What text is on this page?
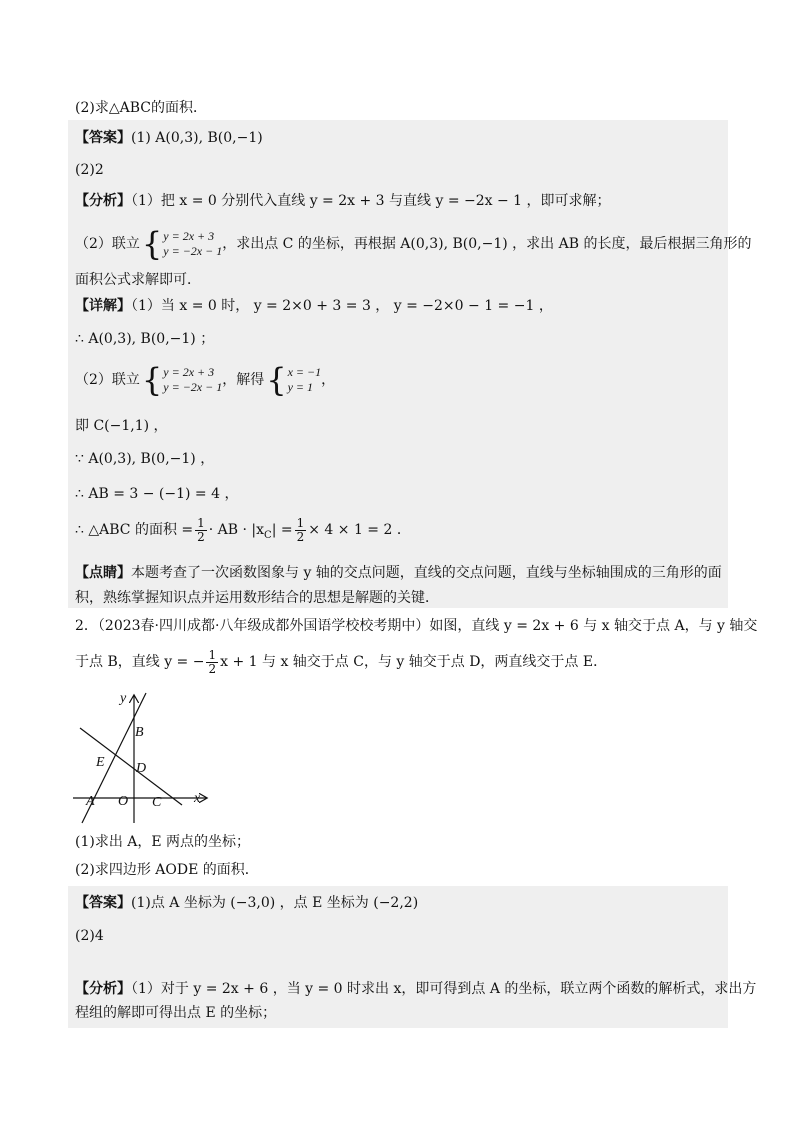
(2)求△ABC的面积．
【答案】(1) A(0,3), B(0,−1)
(2)2
【分析】（1）把 x = 0 分别代入直线 y = 2x + 3 与直线 y = −2x − 1 ，即可求解；
（2）联立{ y = 2x + 3
y = −2x − 1 ，求出点 C 的坐标，再根据 A(0,3), B(0,−1) ，求出 AB 的长度，最后根据三角形的
面积公式求解即可．
【详解】（1）当 x = 0 时， y = 2×0 + 3 = 3 ， y = −2×0 − 1 = −1 ，
∴ A(0,3), B(0,−1) ；
（2）联立{ y = 2x + 3
y = −2x − 1 ，解得{ x = −1
y = 1 ，
即 C(−1,1) ，
∵ A(0,3), B(0,−1) ，
∴ AB = 3 − (−1) = 4 ，
∴ △ABC 的面积 = $\frac{1}{2}$ · AB · $|x_C| = \frac{1}{2} \times 4 \times 1 = 2$ ．
【点睛】本题考查了一次函数图象与 y 轴的交点问题，直线的交点问题，直线与坐标轴围成的三角形的面
积，熟练掌握知识点并运用数形结合的思想是解题的关键．
2．（2023春·四川成都·八年级成都外国语学校校考期中）如图，直线 y = 2x + 6 与 x 轴交于点 A，与 y 轴交
于点 B，直线 y = − $\frac{1}{2}$ x + 1 与 x 轴交于点 C，与 y 轴交于点 D，两直线交于点 E．
y
x
O
A
B
C
D
E
(1)求出 A，E 两点的坐标；
(2)求四边形 AODE 的面积．
【答案】(1)点 A 坐标为 (−3,0) ，点 E 坐标为 (−2,2)
(2)4
【分析】（1）对于 y = 2x + 6 ，当 y = 0 时求出 x，即可得到点 A 的坐标，联立两个函数的解析式，求出方
程组的解即可得出点 E 的坐标；
